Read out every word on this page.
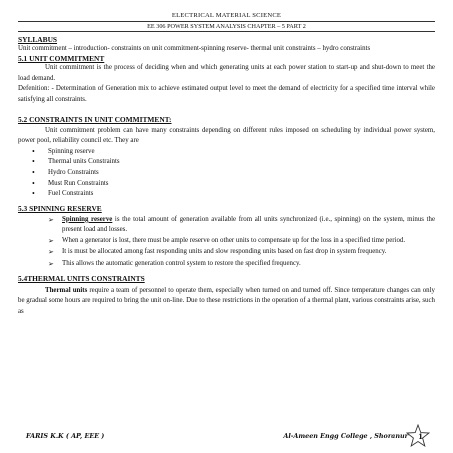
ELECTRICAL MATERIAL SCIENCE
EE 306 POWER SYSTEM ANALYSIS CHAPTER – 5 PART 2
SYLLABUS

Unit commitment – introduction- constraints on unit commitment-spinning reserve- thermal unit constraints – hydro constraints

5.1 UNIT COMMITMENT

Unit commitment is the process of deciding when and which generating units at each power station to start-up and shut-down to meet the load demand.

Defenition: - Determination of Generation mix to achieve estimated output level to meet the demand of electricity for a specified time interval while satisfying all constraints.

5.2 CONSTRAINTS IN UNIT COMMITMENT:

Unit commitment problem can have many constraints depending on different rules imposed on scheduling by individual power system, power pool, reliability council etc. They are

• Spinning reserve
• Thermal units Constraints
• Hydro Constraints
• Must Run Constraints
• Fuel Constraints
5.3 SPINNING RESERVE
➢ Spinning reserve is the total amount of generation available from all units synchronized (i.e., spinning) on the system, minus the present load and losses.
➢ When a generator is lost, there must be ample reserve on other units to compensate up for the loss in a specified time period.
➢ It is must be allocated among fast responding units and slow responding units based on fast drop in system frequency.
➢ This allows the automatic generation control system to restore the specified frequency.
5.4THERMAL UNITS CONSTRAINTS

Thermal units require a team of personnel to operate them, especially when turned on and turned off. Since temperature changes can only be gradual some hours are required to bring the unit on-line. Due to these restrictions in the operation of a thermal plant, various constraints arise, such as

FARIS K.K ( AP, EEE )	Al-Ameen Engg College , Shoranur 1
